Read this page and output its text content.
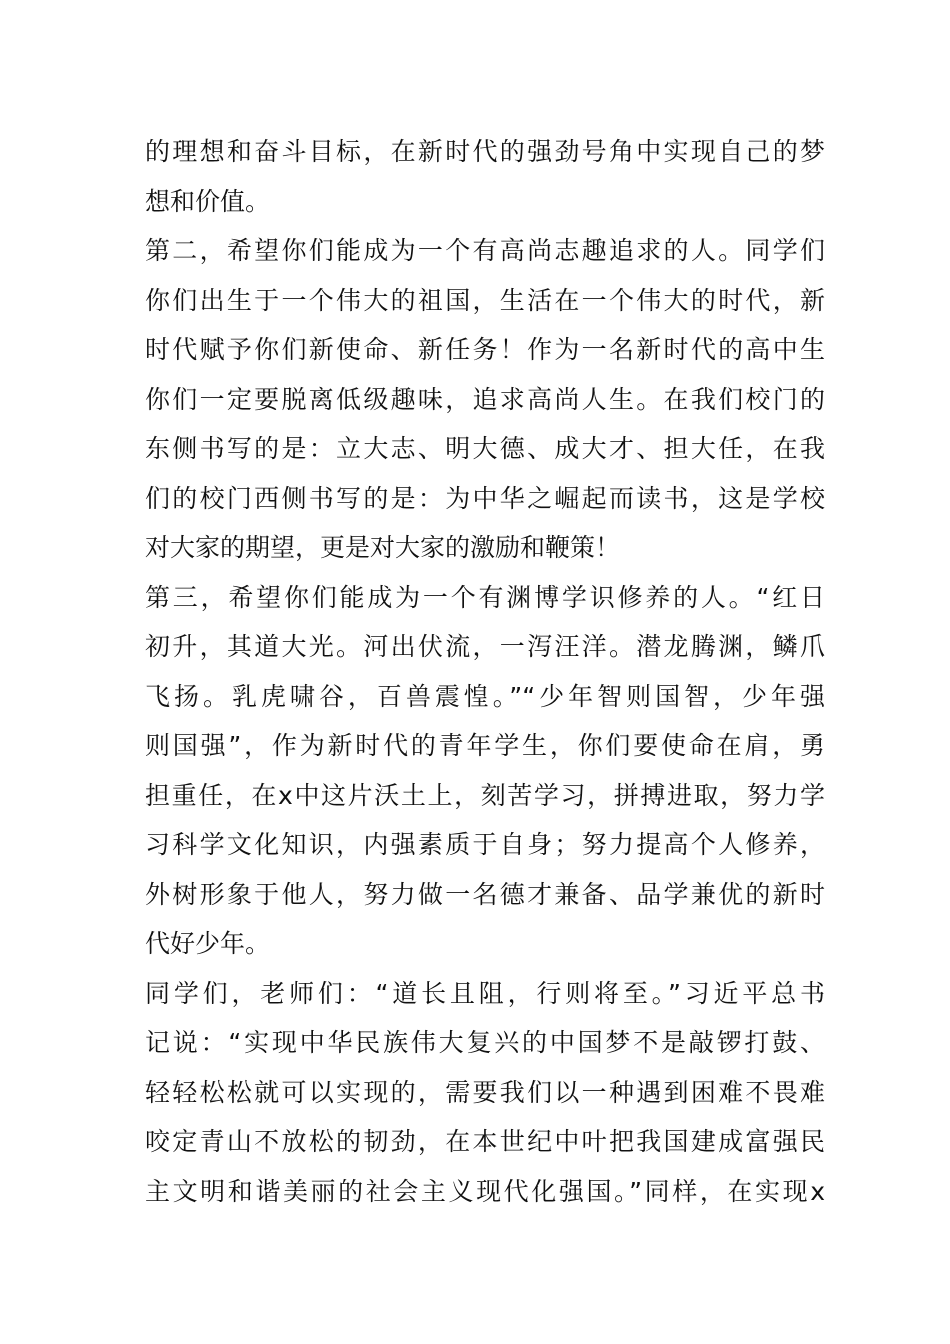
的理想和奋斗目标，在新时代的强劲号角中实现自己的梦
想和价值。
第二，希望你们能成为一个有高尚志趣追求的人。同学们
你们出生于一个伟大的祖国，生活在一个伟大的时代，新
时代赋予你们新使命、新任务！作为一名新时代的高中生
你们一定要脱离低级趣味，追求高尚人生。在我们校门的
东侧书写的是：立大志、明大德、成大才、担大任，在我
们的校门西侧书写的是：为中华之崛起而读书，这是学校
对大家的期望，更是对大家的激励和鞭策！
第三，希望你们能成为一个有渊博学识修养的人。“红日
初升，其道大光。河出伏流，一泻汪洋。潜龙腾渊，鳞爪
飞扬。乳虎啸谷，百兽震惶。”“少年智则国智，少年强
则国强”，作为新时代的青年学生，你们要使命在肩，勇
担重任，在x中这片沃土上，刻苦学习，拼搏进取，努力学
习科学文化知识，内强素质于自身；努力提高个人修养，
外树形象于他人，努力做一名德才兼备、品学兼优的新时
代好少年。
同学们，老师们：“道长且阻，行则将至。”习近平总书
记说：“实现中华民族伟大复兴的中国梦不是敲锣打鼓、
轻轻松松就可以实现的，需要我们以一种遇到困难不畏难
咬定青山不放松的韧劲，在本世纪中叶把我国建成富强民
主文明和谐美丽的社会主义现代化强国。”同样，在实现x
